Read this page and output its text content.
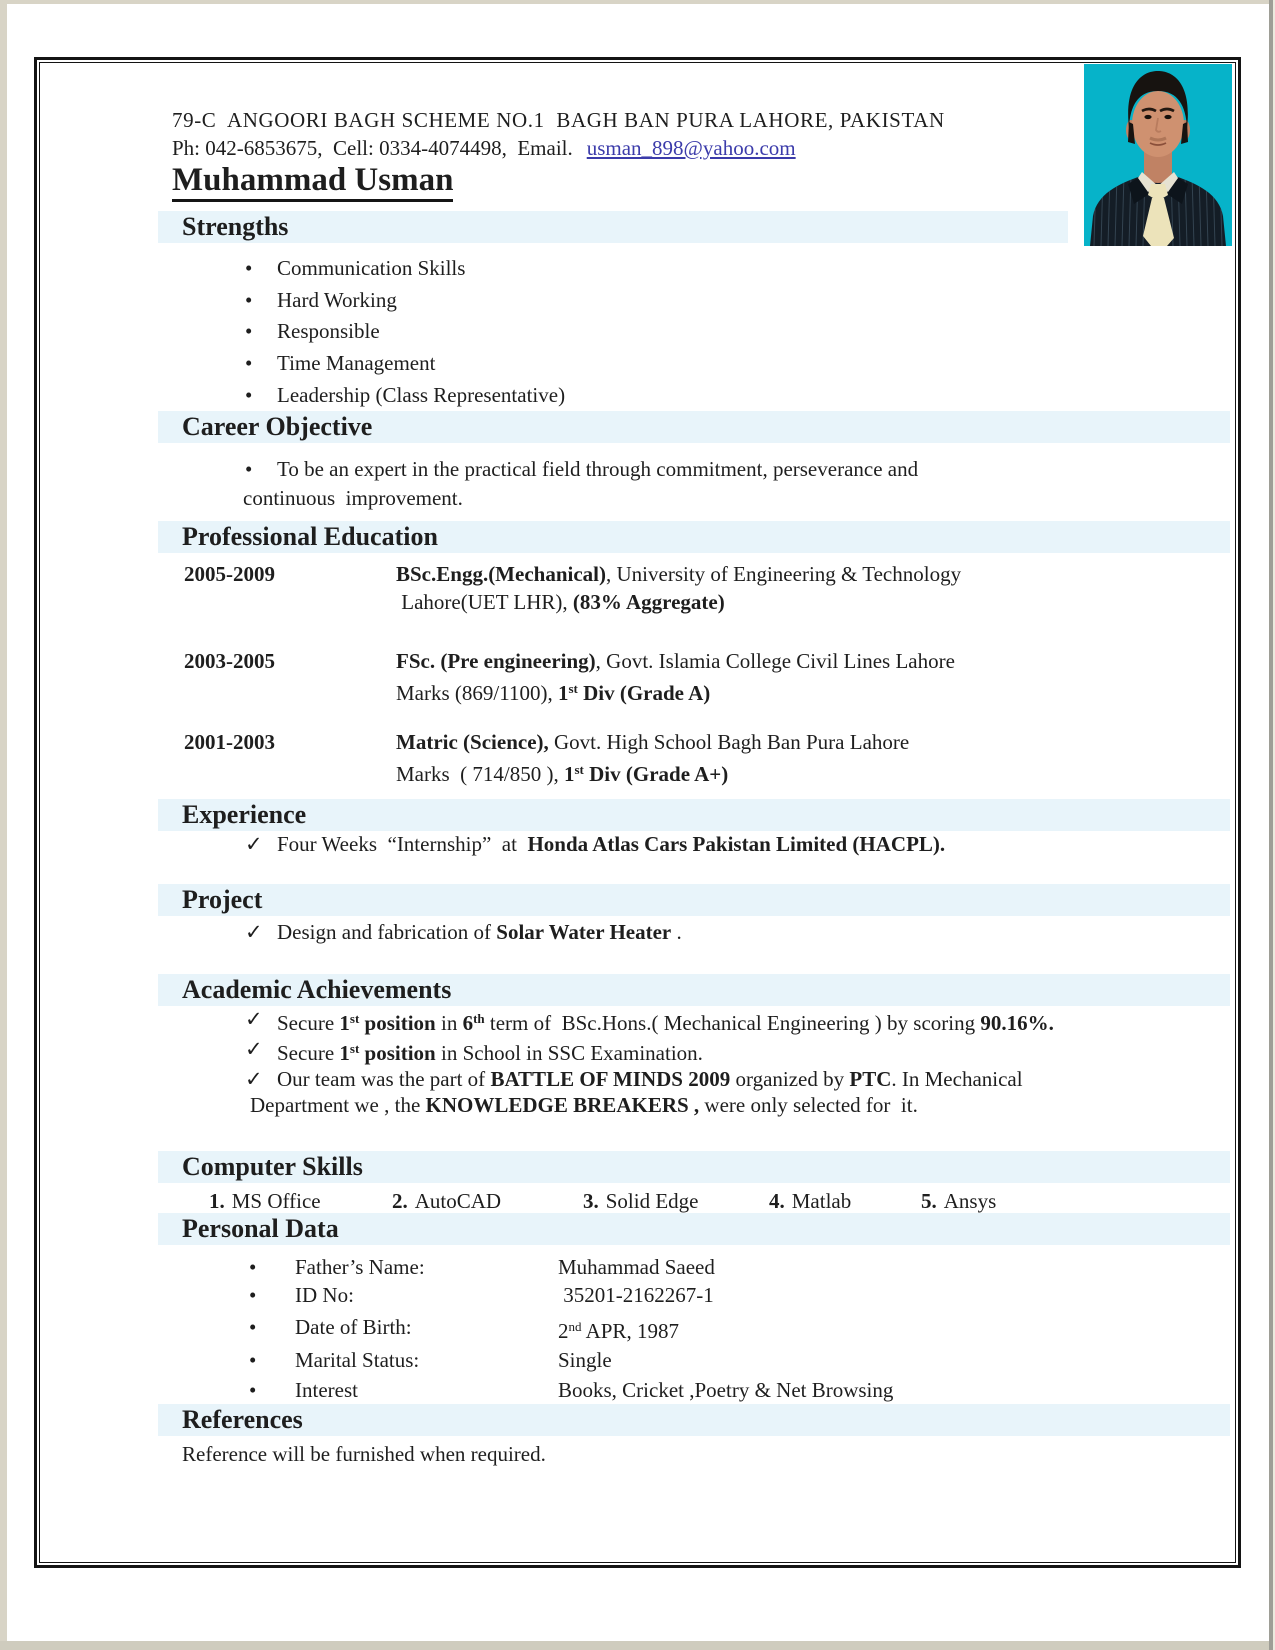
79-C  ANGOORI BAGH SCHEME NO.1  BAGH BAN PURA LAHORE, PAKISTAN
Ph: 042-6853675,  Cell: 0334-4074498,  Email. usman_898@yahoo.com
Muhammad Usman
Strengths
•	Communication Skills
•	Hard Working
•	Responsible
•	Time Management
•	Leadership (Class Representative)
Career Objective
•	To be an expert in the practical field through commitment, perseverance and
continuous  improvement.
Professional Education
2005-2009	BSc.Engg.(Mechanical), University of Engineering & Technology
Lahore(UET LHR), (83% Aggregate)
2003-2005	FSc. (Pre engineering), Govt. Islamia College Civil Lines Lahore
Marks (869/1100), 1st Div (Grade A)
2001-2003	Matric (Science), Govt. High School Bagh Ban Pura Lahore
Marks  ( 714/850 ), 1st Div (Grade A+)
Experience
✓ Four Weeks  “Internship”  at  Honda Atlas Cars Pakistan Limited (HACPL).
Project
✓ Design and fabrication of Solar Water Heater .
Academic Achievements
✓ Secure 1st position in 6th term of  BSc.Hons.( Mechanical Engineering ) by scoring 90.16%.
✓ Secure 1st position in School in SSC Examination.
✓ Our team was the part of BATTLE OF MINDS 2009 organized by PTC. In Mechanical
Department we , the KNOWLEDGE BREAKERS , were only selected for  it.
Computer Skills
1. MS Office	2. AutoCAD	3. Solid Edge	4. Matlab	5. Ansys
Personal Data
•	Father’s Name:	Muhammad Saeed
•	ID No:	35201-2162267-1
•	Date of Birth:	2nd APR, 1987
•	Marital Status:	Single
•	Interest	Books, Cricket ,Poetry & Net Browsing
References
Reference will be furnished when required.
